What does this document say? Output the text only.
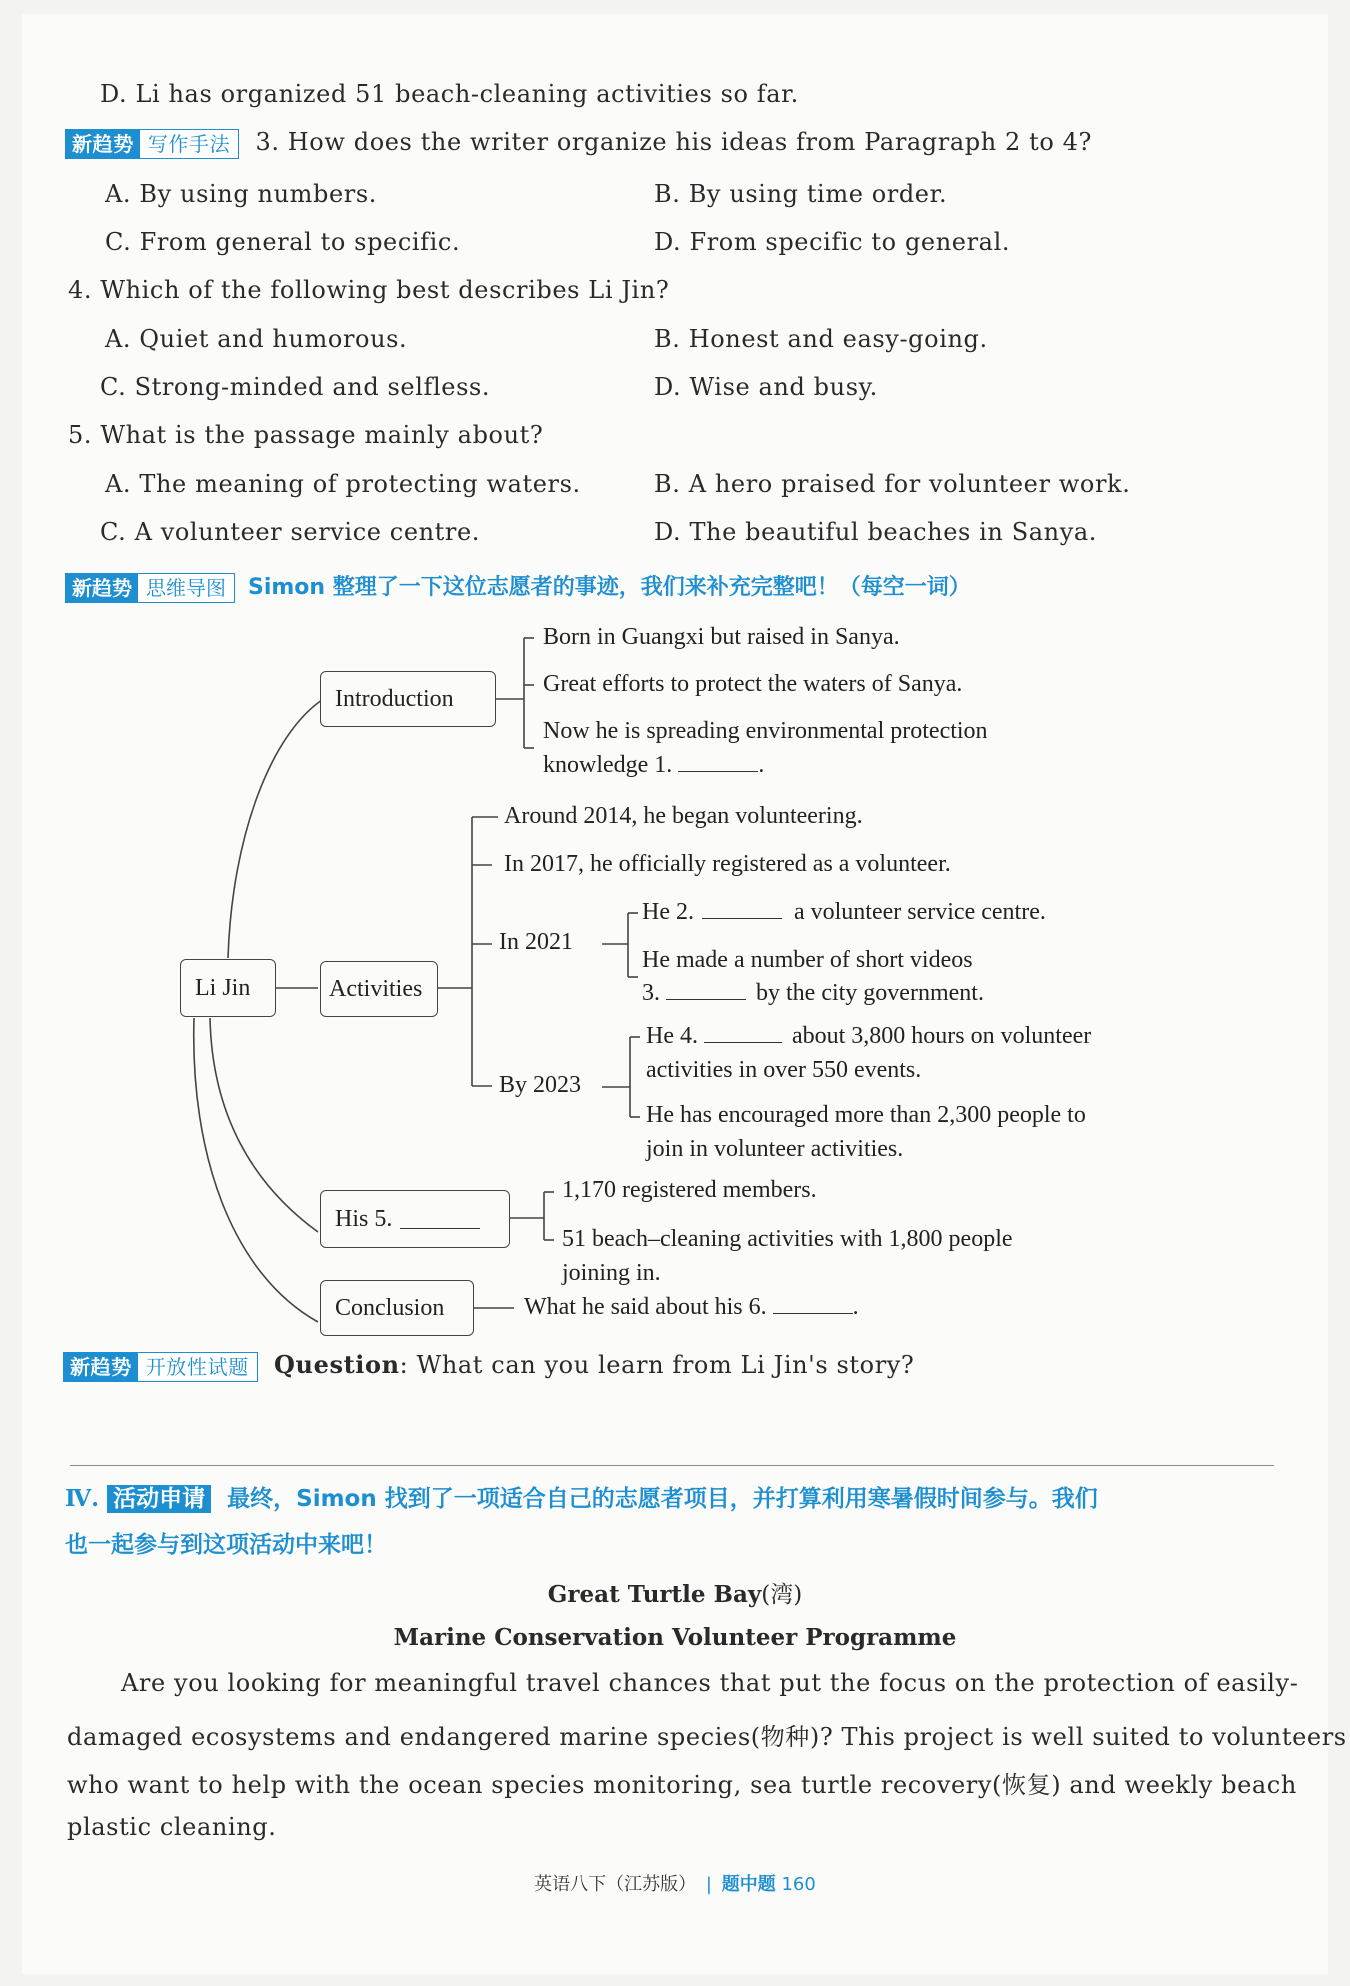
D. Li has organized 51 beach-cleaning activities so far.
新趋势 写作手法 3. How does the writer organize his ideas from Paragraph 2 to 4?
A. By using numbers.	B. By using time order.
C. From general to specific.	D. From specific to general.
4. Which of the following best describes Li Jin?
A. Quiet and humorous.	B. Honest and easy-going.
C. Strong-minded and selfless.	D. Wise and busy.
5. What is the passage mainly about?
A. The meaning of protecting waters.	B. A hero praised for volunteer work.
C. A volunteer service centre.	D. The beautiful beaches in Sanya.
新趋势 思维导图 Simon 整理了一下这位志愿者的事迹，我们来补充完整吧！（每空一词）
Introduction
Li Jin	Activities
His 5.
Conclusion
Born in Guangxi but raised in Sanya.
Great efforts to protect the waters of Sanya.
Now he is spreading environmental protection
knowledge 1.	.
Around 2014, he began volunteering.
In 2017, he officially registered as a volunteer.
In 2021
He 2.	a volunteer service centre.
He made a number of short videos
3.	by the city government.
By 2023
He 4.	about 3,800 hours on volunteer
activities in over 550 events.
He has encouraged more than 2,300 people to
join in volunteer activities.
1,170 registered members.
51 beach–cleaning activities with 1,800 people
joining in.
What he said about his 6.	.
新趋势 开放性试题 Question: What can you learn from Li Jin's story?
Ⅳ. 活动申请 最终，Simon 找到了一项适合自己的志愿者项目，并打算利用寒暑假时间参与。我们
也一起参与到这项活动中来吧！
Great Turtle Bay(湾)
Marine Conservation Volunteer Programme
Are you looking for meaningful travel chances that put the focus on the protection of easily-
damaged ecosystems and endangered marine species(物种)? This project is well suited to volunteers
who want to help with the ocean species monitoring, sea turtle recovery(恢复) and weekly beach
plastic cleaning.
英语八下（江苏版） | 题中题 160
